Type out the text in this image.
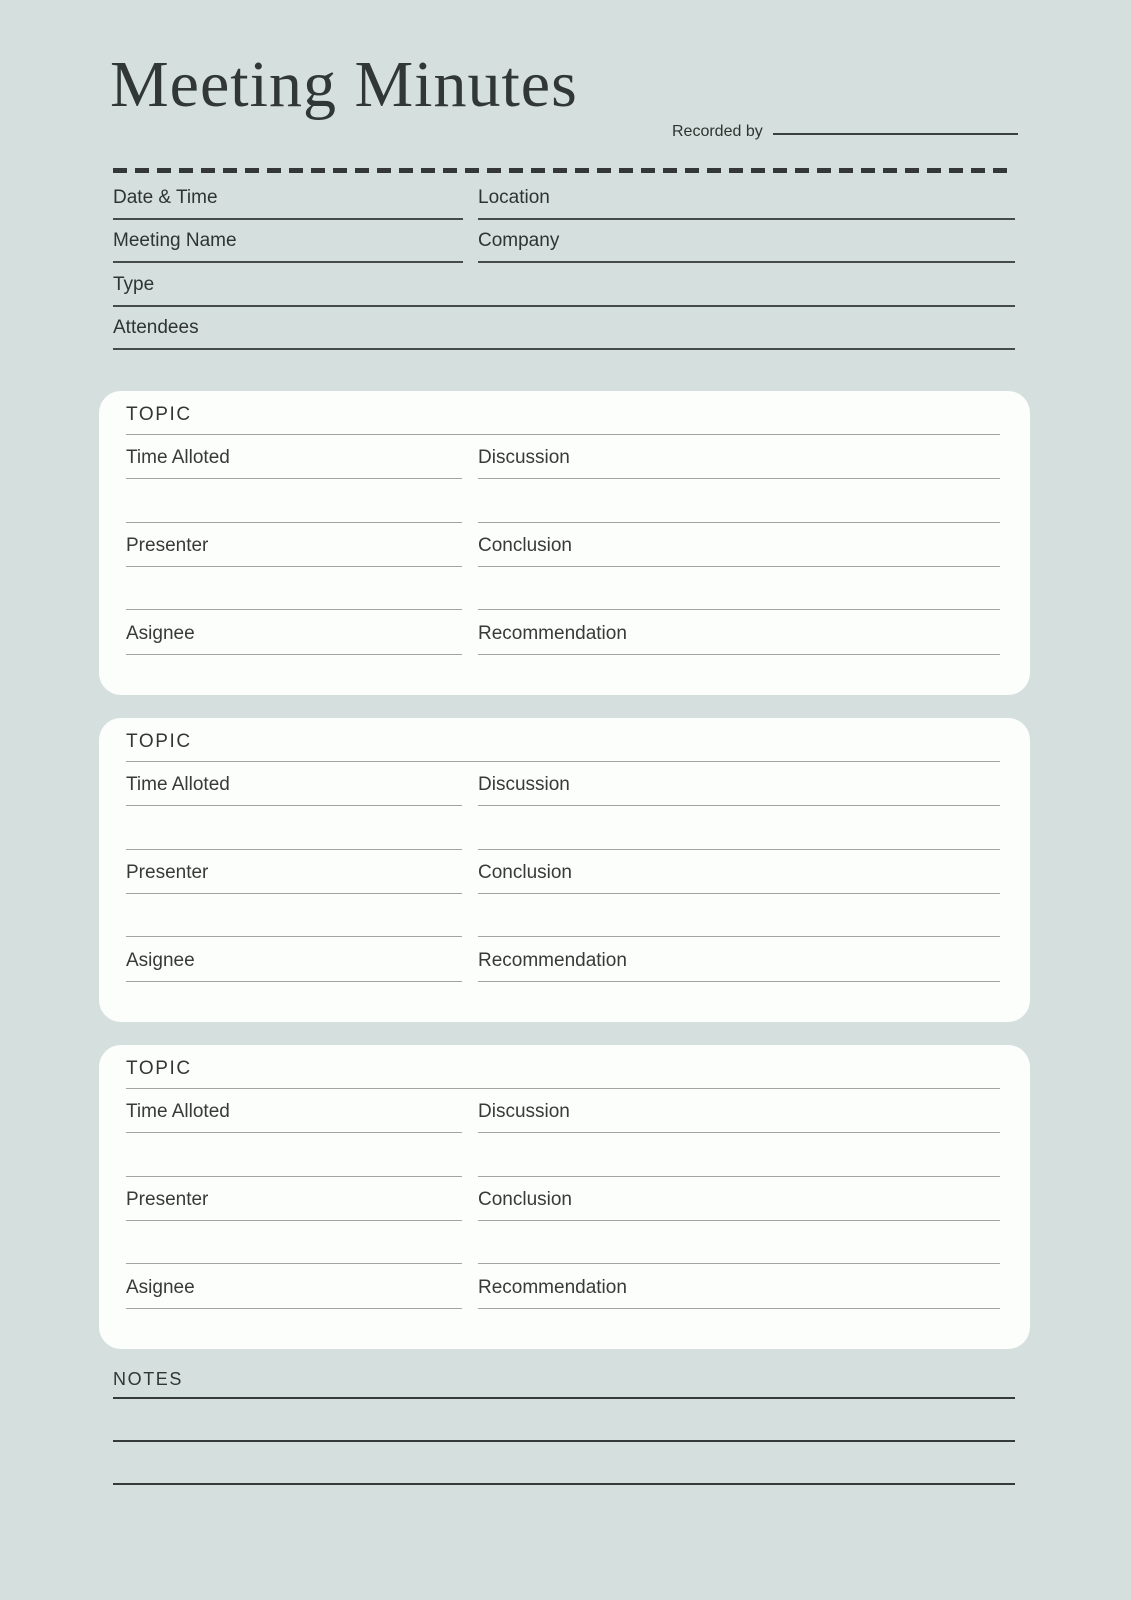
Meeting Minutes
Recorded by
Date & Time	Location
Meeting Name	Company
Type
Attendees
TOPIC
Time Alloted	Discussion
Presenter	Conclusion
Asignee	Recommendation
TOPIC
Time Alloted	Discussion
Presenter	Conclusion
Asignee	Recommendation
TOPIC
Time Alloted	Discussion
Presenter	Conclusion
Asignee	Recommendation
NOTES
